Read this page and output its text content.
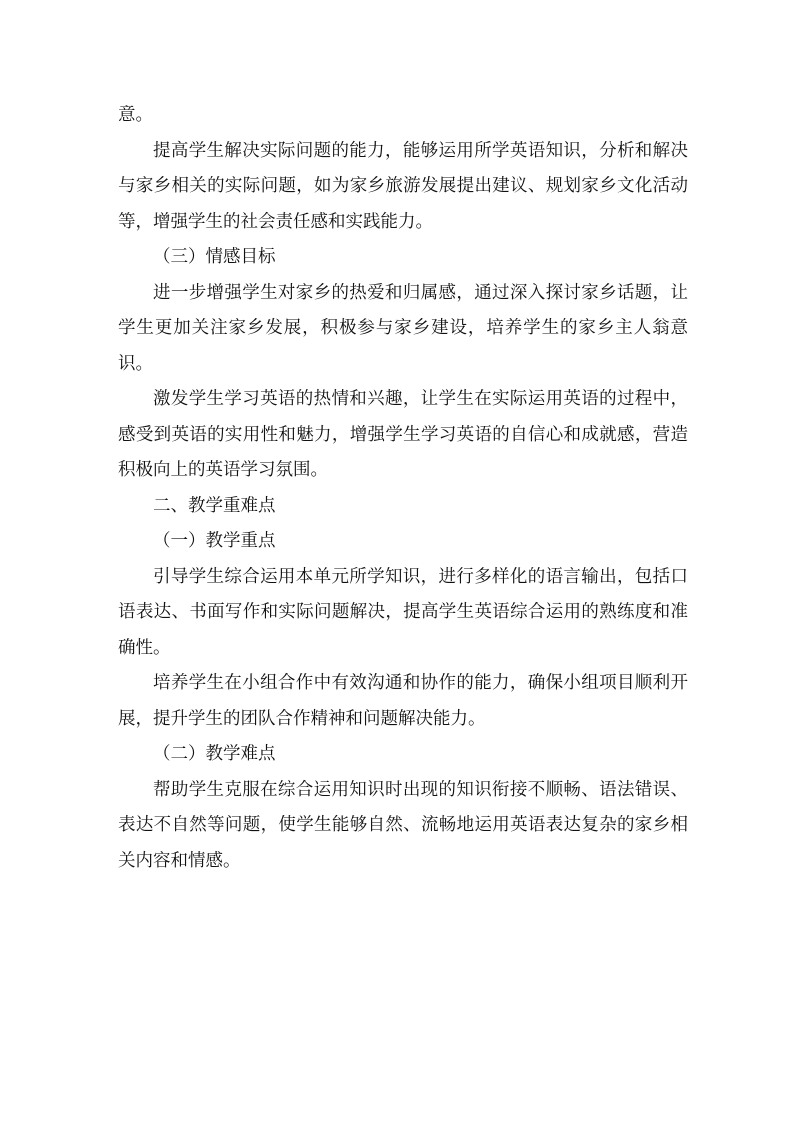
意。

提高学生解决实际问题的能力，能够运用所学英语知识，分析和解决与家乡相关的实际问题，如为家乡旅游发展提出建议、规划家乡文化活动等，增强学生的社会责任感和实践能力。

（三）情感目标

进一步增强学生对家乡的热爱和归属感，通过深入探讨家乡话题，让学生更加关注家乡发展，积极参与家乡建设，培养学生的家乡主人翁意识。

激发学生学习英语的热情和兴趣，让学生在实际运用英语的过程中，感受到英语的实用性和魅力，增强学生学习英语的自信心和成就感，营造积极向上的英语学习氛围。

二、教学重难点

（一）教学重点

引导学生综合运用本单元所学知识，进行多样化的语言输出，包括口语表达、书面写作和实际问题解决，提高学生英语综合运用的熟练度和准确性。

培养学生在小组合作中有效沟通和协作的能力，确保小组项目顺利开展，提升学生的团队合作精神和问题解决能力。

（二）教学难点

帮助学生克服在综合运用知识时出现的知识衔接不顺畅、语法错误、表达不自然等问题，使学生能够自然、流畅地运用英语表达复杂的家乡相关内容和情感。
